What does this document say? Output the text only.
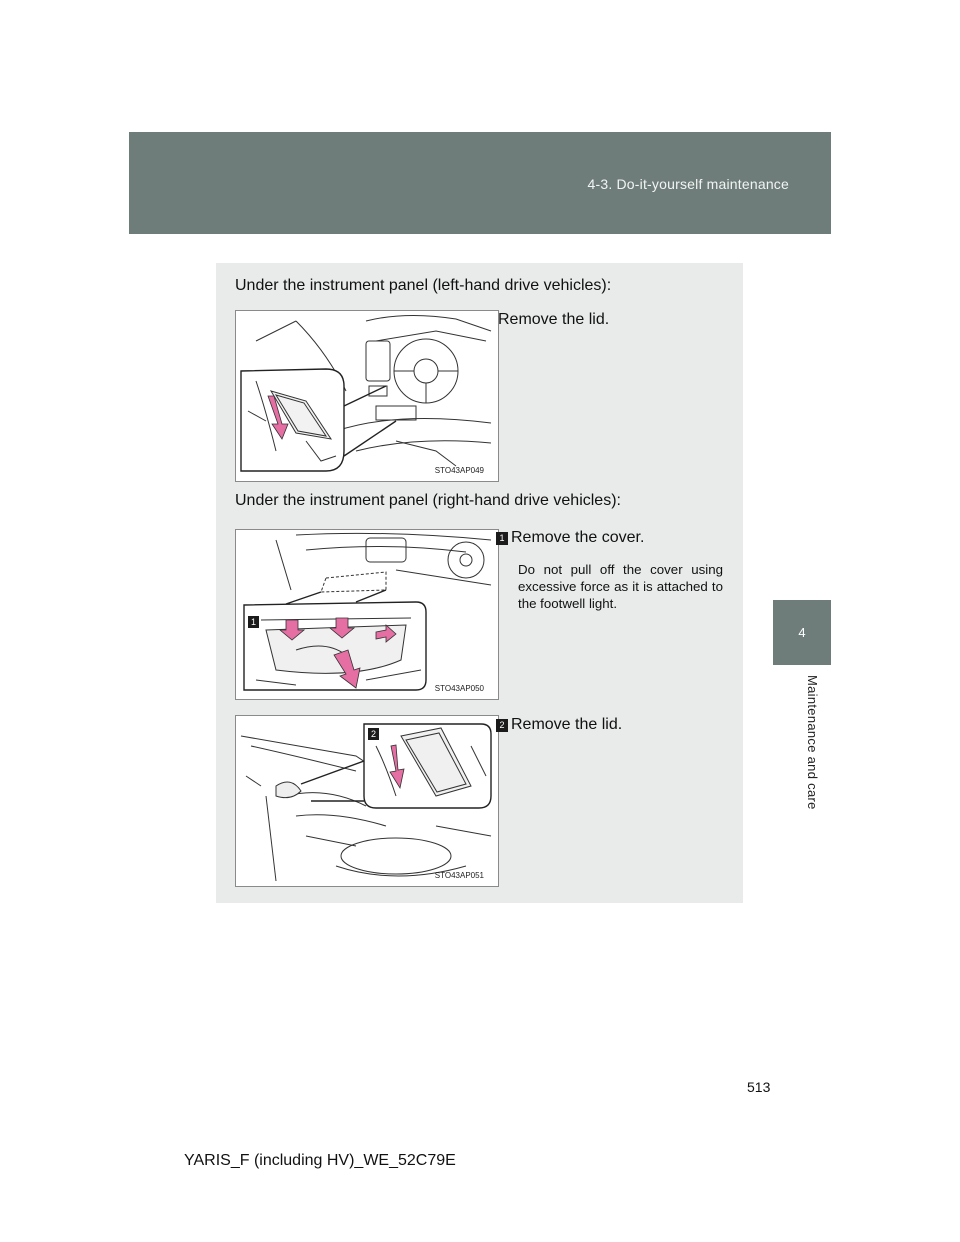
4-3. Do-it-yourself maintenance
4
Maintenance and care
Under the instrument panel (left-hand drive vehicles):
STO43AP049
Remove the lid.
Under the instrument panel (right-hand drive vehicles):
1
STO43AP050
1 Remove the cover.
Do not pull off the cover using excessive force as it is attached to the footwell light.
2
STO43AP051
2 Remove the lid.
513
YARIS_F (including HV)_WE_52C79E
